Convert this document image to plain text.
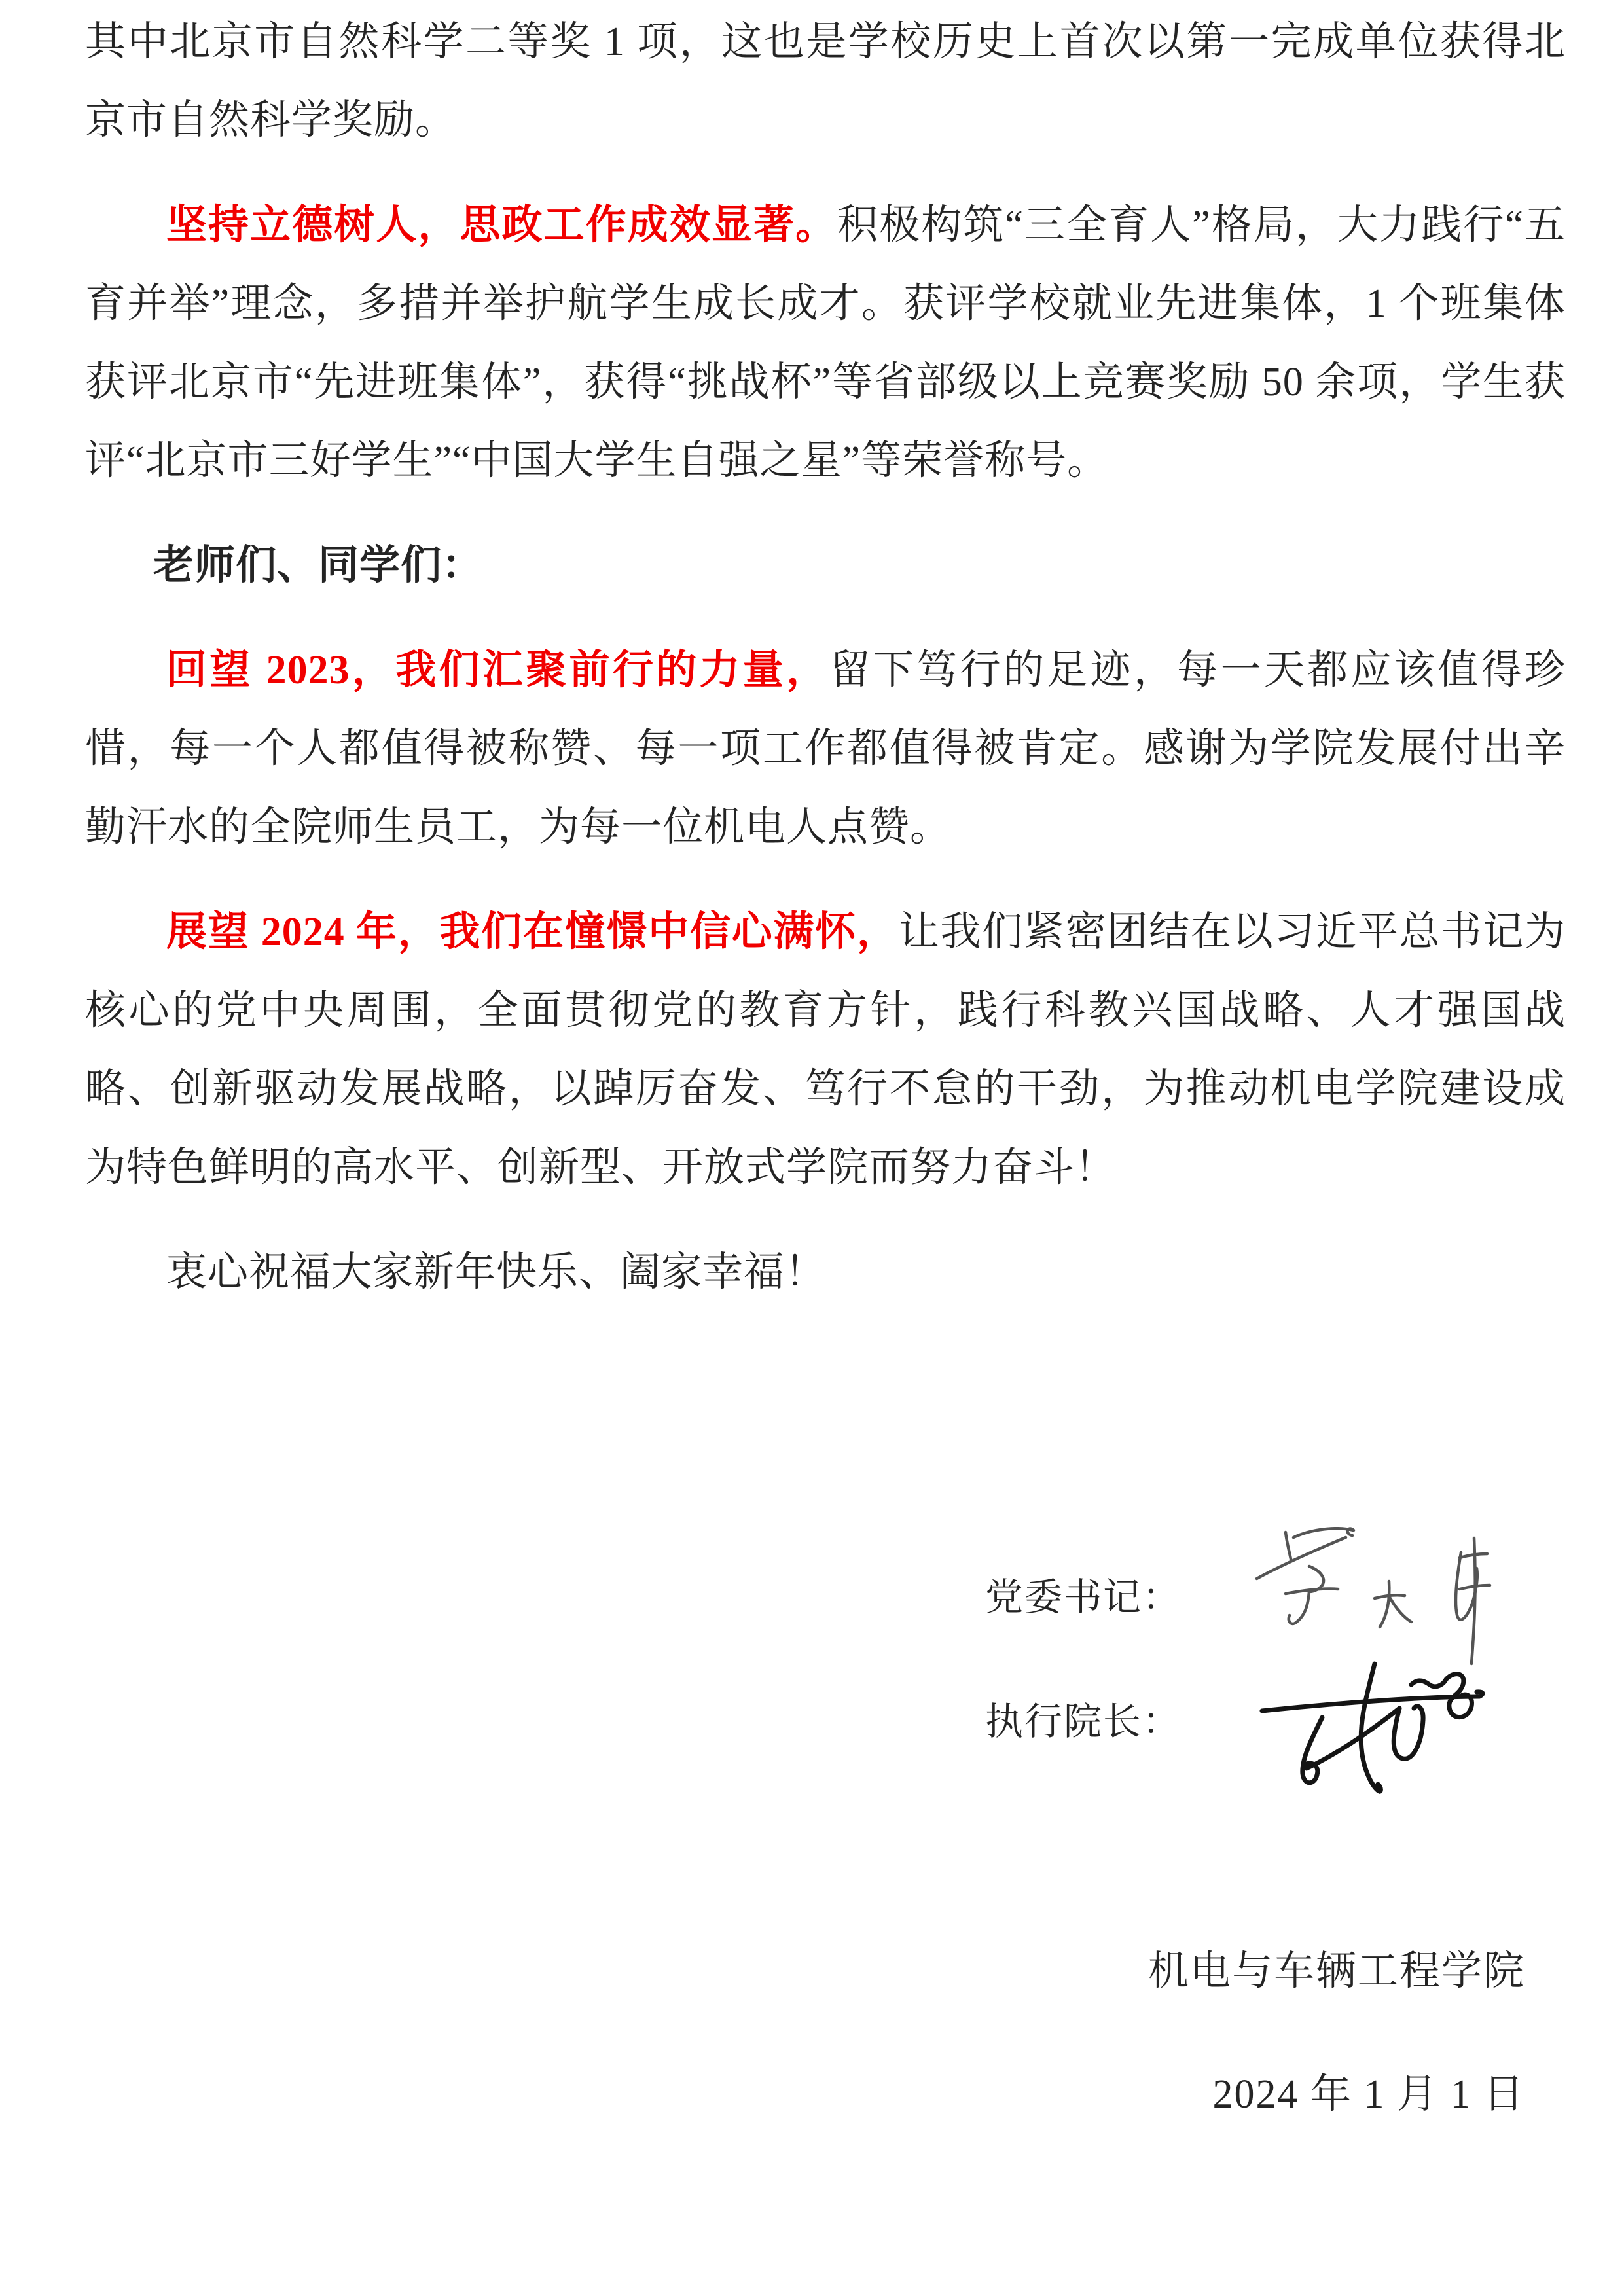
其中北京市自然科学二等奖 1 项，这也是学校历史上首次以第一完成单位获得北京市自然科学奖励。

坚持立德树人，思政工作成效显著。积极构筑“三全育人”格局，大力践行“五育并举”理念，多措并举护航学生成长成才。获评学校就业先进集体，1 个班集体获评北京市“先进班集体”，获得“挑战杯”等省部级以上竞赛奖励 50 余项，学生获评“北京市三好学生”“中国大学生自强之星”等荣誉称号。

老师们、同学们：

回望 2023，我们汇聚前行的力量，留下笃行的足迹，每一天都应该值得珍惜，每一个人都值得被称赞、每一项工作都值得被肯定。感谢为学院发展付出辛勤汗水的全院师生员工，为每一位机电人点赞。

展望 2024 年，我们在憧憬中信心满怀，让我们紧密团结在以习近平总书记为核心的党中央周围，全面贯彻党的教育方针，践行科教兴国战略、人才强国战略、创新驱动发展战略，以踔厉奋发、笃行不怠的干劲，为推动机电学院建设成为特色鲜明的高水平、创新型、开放式学院而努力奋斗！

衷心祝福大家新年快乐、阖家幸福！

党委书记：
执行院长：
机电与车辆工程学院
2024 年 1 月 1 日
